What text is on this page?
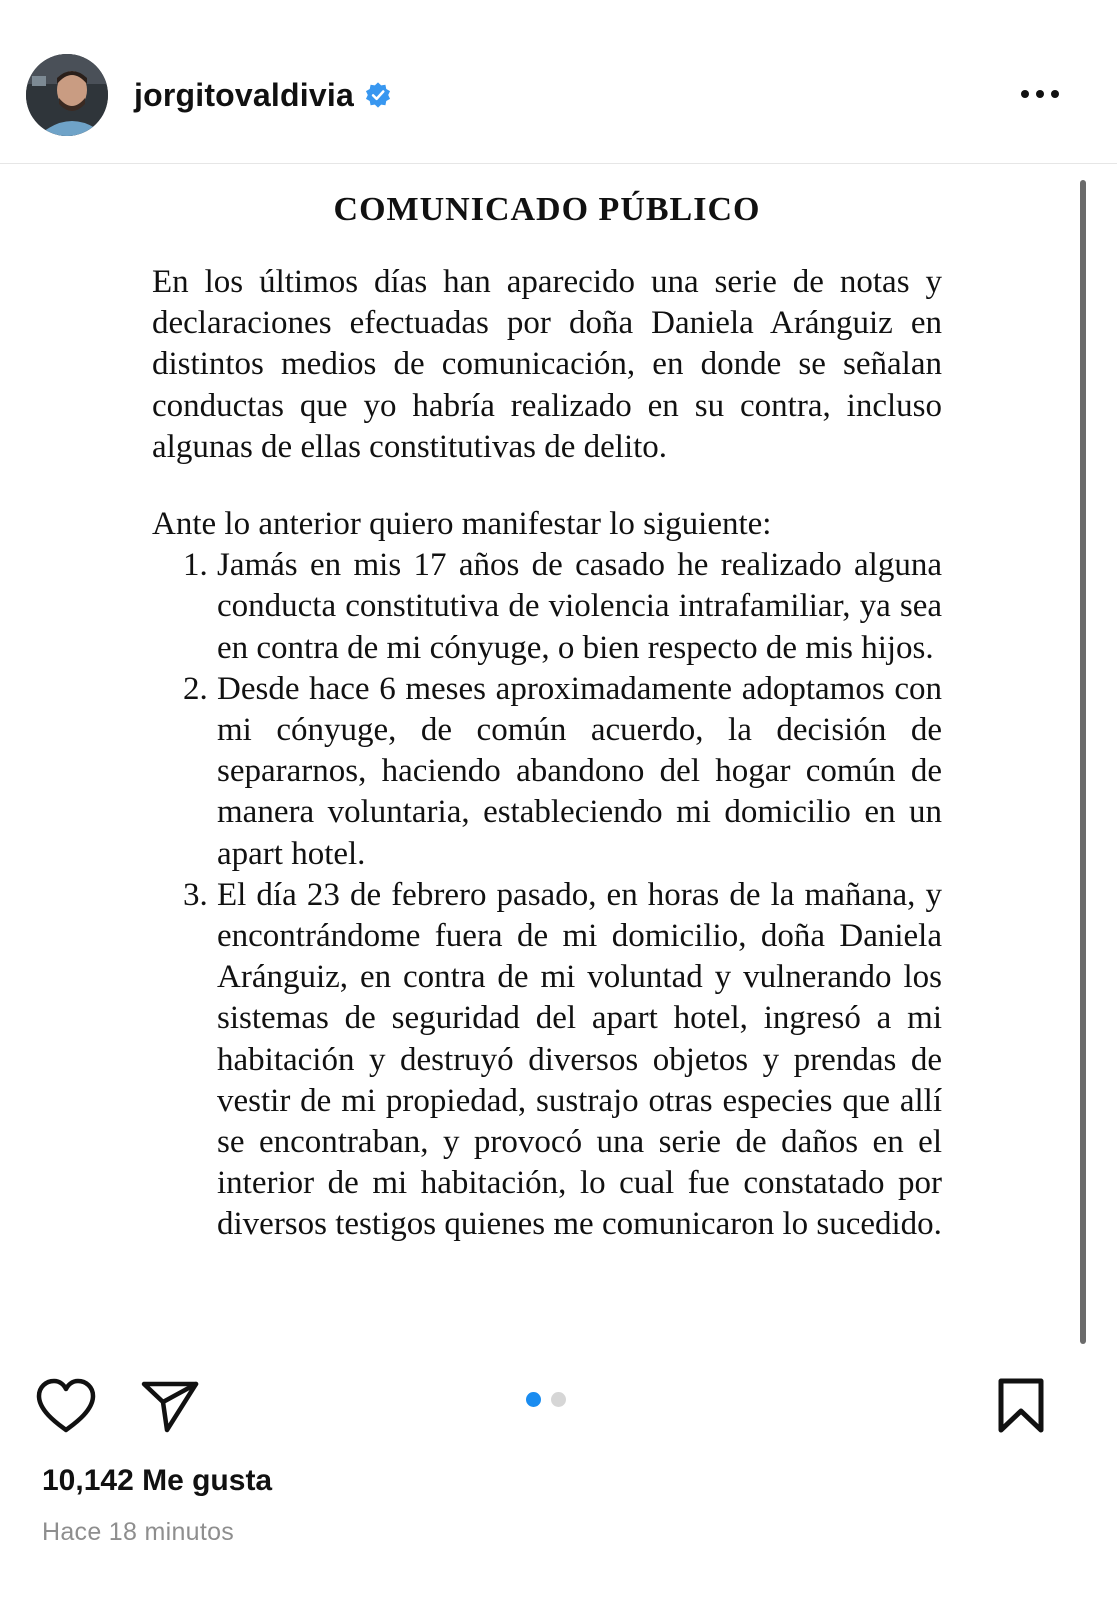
jorgitovaldivia
COMUNICADO PÚBLICO

En los últimos días han aparecido una serie de notas y declaraciones efectuadas por doña Daniela Aránguiz en distintos medios de comunicación, en donde se señalan conductas que yo habría realizado en su contra, incluso algunas de ellas constitutivas de delito.

Ante lo anterior quiero manifestar lo siguiente:

1. Jamás en mis 17 años de casado he realizado alguna conducta constitutiva de violencia intrafamiliar, ya sea en contra de mi cónyuge, o bien respecto de mis hijos.
2. Desde hace 6 meses aproximadamente adoptamos con mi cónyuge, de común acuerdo, la decisión de separarnos, haciendo abandono del hogar común de manera voluntaria, estableciendo mi domicilio en un apart hotel.
3. El día 23 de febrero pasado, en horas de la mañana, y encontrándome fuera de mi domicilio, doña Daniela Aránguiz, en contra de mi voluntad y vulnerando los sistemas de seguridad del apart hotel, ingresó a mi habitación y destruyó diversos objetos y prendas de vestir de mi propiedad, sustrajo otras especies que allí se encontraban, y provocó una serie de daños en el interior de mi habitación, lo cual fue constatado por diversos testigos quienes me comunicaron lo sucedido.
10,142 Me gusta
Hace 18 minutos
